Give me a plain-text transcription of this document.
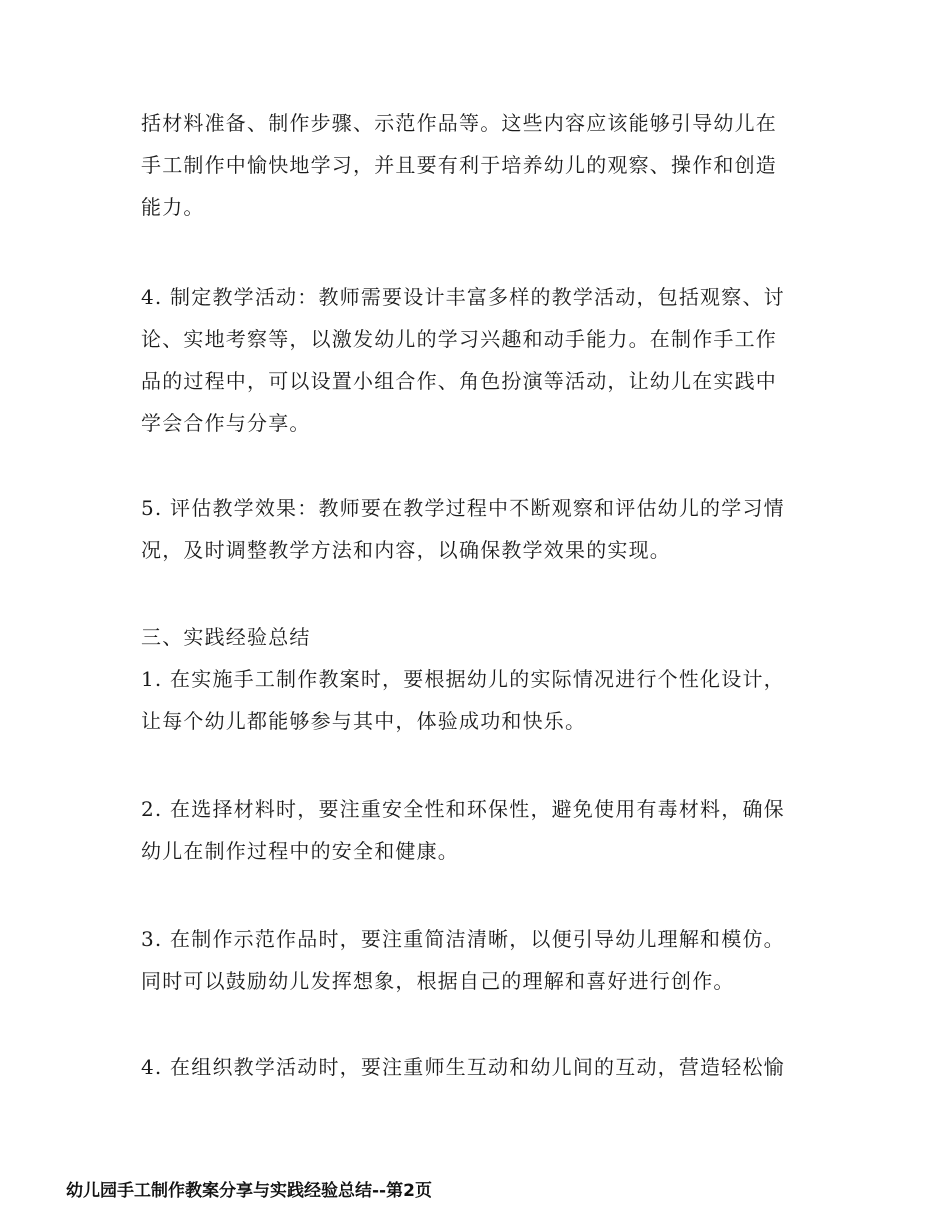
括材料准备、制作步骤、示范作品等。这些内容应该能够引导幼儿在
手工制作中愉快地学习，并且要有利于培养幼儿的观察、操作和创造
能力。
4. 制定教学活动：教师需要设计丰富多样的教学活动，包括观察、讨
论、实地考察等，以激发幼儿的学习兴趣和动手能力。在制作手工作
品的过程中，可以设置小组合作、角色扮演等活动，让幼儿在实践中
学会合作与分享。
5. 评估教学效果：教师要在教学过程中不断观察和评估幼儿的学习情
况，及时调整教学方法和内容，以确保教学效果的实现。
三、实践经验总结
1. 在实施手工制作教案时，要根据幼儿的实际情况进行个性化设计，
让每个幼儿都能够参与其中，体验成功和快乐。
2. 在选择材料时，要注重安全性和环保性，避免使用有毒材料，确保
幼儿在制作过程中的安全和健康。
3. 在制作示范作品时，要注重简洁清晰，以便引导幼儿理解和模仿。
同时可以鼓励幼儿发挥想象，根据自己的理解和喜好进行创作。
4. 在组织教学活动时，要注重师生互动和幼儿间的互动，营造轻松愉
幼儿园手工制作教案分享与实践经验总结--第2页
